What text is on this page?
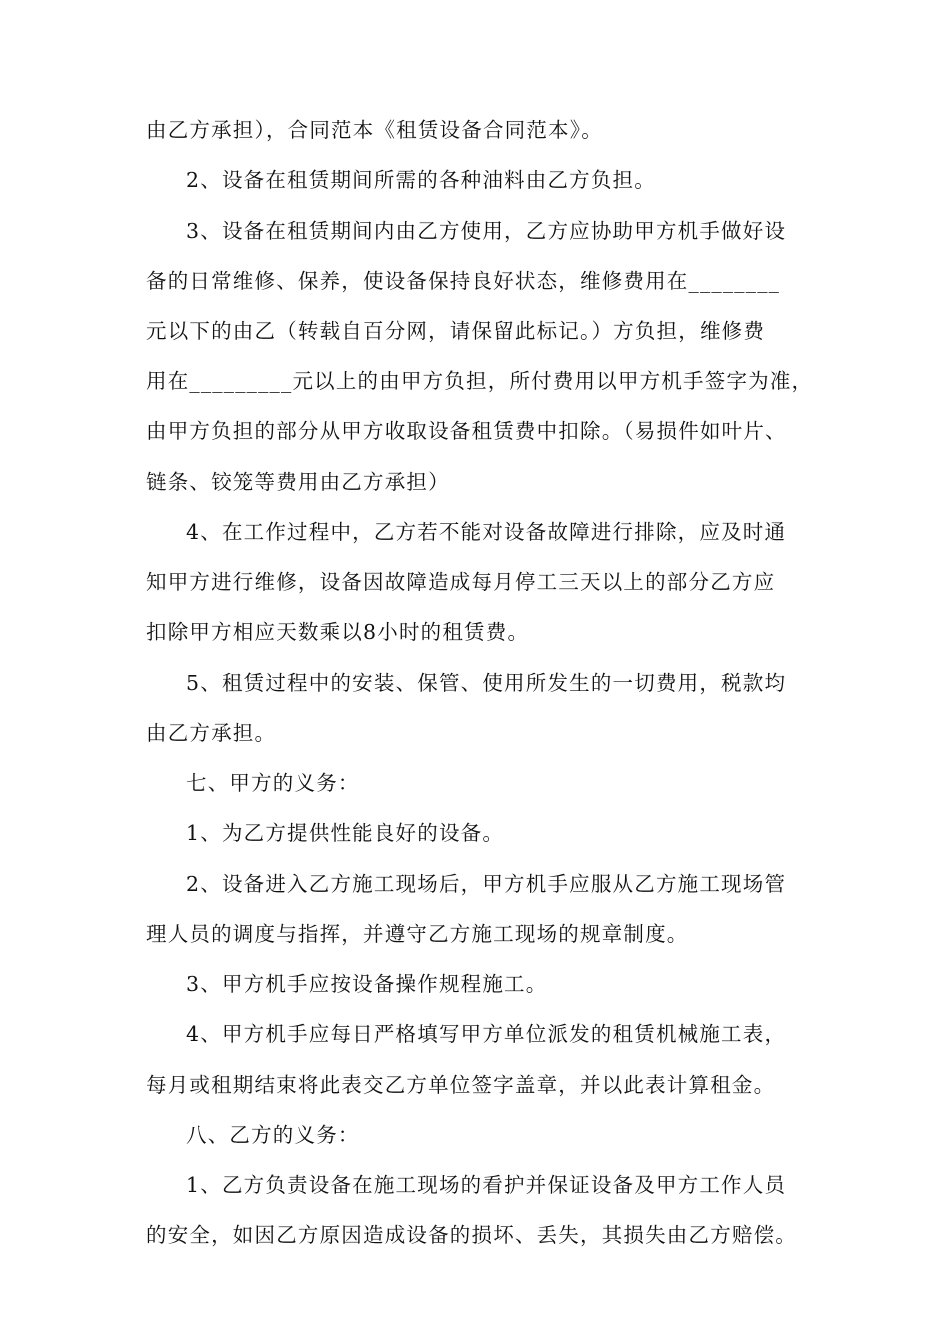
由乙方承担），合同范本《租赁设备合同范本》。
2、设备在租赁期间所需的各种油料由乙方负担。
3、设备在租赁期间内由乙方使用，乙方应协助甲方机手做好设
备的日常维修、保养，使设备保持良好状态，维修费用在________
元以下的由乙（转载自百分网，请保留此标记。）方负担，维修费
用在_________元以上的由甲方负担，所付费用以甲方机手签字为准，
由甲方负担的部分从甲方收取设备租赁费中扣除。（易损件如叶片、
链条、铰笼等费用由乙方承担）
4、在工作过程中，乙方若不能对设备故障进行排除，应及时通
知甲方进行维修，设备因故障造成每月停工三天以上的部分乙方应
扣除甲方相应天数乘以8小时的租赁费。
5、租赁过程中的安装、保管、使用所发生的一切费用，税款均
由乙方承担。
七、甲方的义务：
1、为乙方提供性能良好的设备。
2、设备进入乙方施工现场后，甲方机手应服从乙方施工现场管
理人员的调度与指挥，并遵守乙方施工现场的规章制度。
3、甲方机手应按设备操作规程施工。
4、甲方机手应每日严格填写甲方单位派发的租赁机械施工表，
每月或租期结束将此表交乙方单位签字盖章，并以此表计算租金。
八、乙方的义务：
1、乙方负责设备在施工现场的看护并保证设备及甲方工作人员
的安全，如因乙方原因造成设备的损坏、丢失，其损失由乙方赔偿。
